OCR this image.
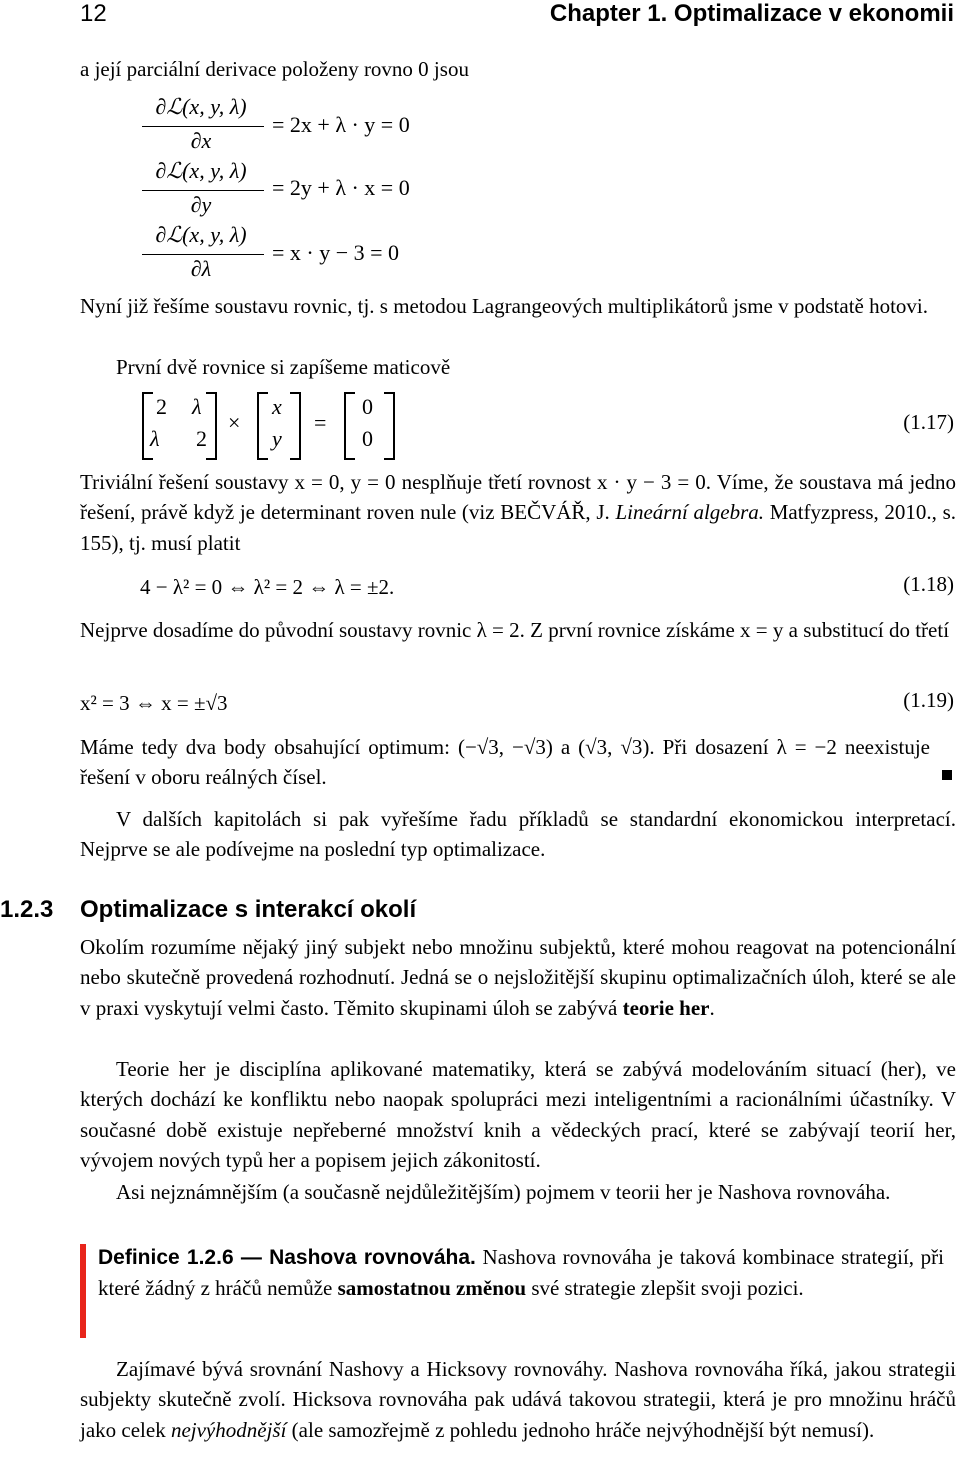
12	Chapter 1. Optimalizace v ekonomii
a její parciální derivace položeny rovno 0 jsou
∂ℒ(x, y, λ)
∂x
= 2x + λ · y = 0
∂ℒ(x, y, λ)
∂y
= 2y + λ · x = 0
∂ℒ(x, y, λ)
∂λ
= x · y − 3 = 0
Nyní již řešíme soustavu rovnic, tj. s metodou Lagrangeových multiplikátorů jsme v podstatě hotovi.
První dvě rovnice si zapíšeme maticově
2 λ
λ 2
×
x
y
=
0
0
(1.17)
Triviální řešení soustavy x = 0, y = 0 nesplňuje třetí rovnost x · y − 3 = 0. Víme, že soustava má jedno řešení, právě když je determinant roven nule (viz BEČVÁŘ, J. Lineární algebra. Matfyzpress, 2010., s. 155), tj. musí platit
4 − λ² = 0 ⇔ λ² = 2 ⇔ λ = ±2.	(1.18)
Nejprve dosadíme do původní soustavy rovnic λ = 2. Z první rovnice získáme x = y a substitucí do třetí
x² = 3 ⇔ x = ±√3	(1.19)
Máme tedy dva body obsahující optimum: (−√3, −√3) a (√3, √3). Při dosazení λ = −2 neexistuje řešení v oboru reálných čísel.
V dalších kapitolách si pak vyřešíme řadu příkladů se standardní ekonomickou interpretací. Nejprve se ale podívejme na poslední typ optimalizace.
1.2.3 Optimalizace s interakcí okolí
Okolím rozumíme nějaký jiný subjekt nebo množinu subjektů, které mohou reagovat na potencionální nebo skutečně provedená rozhodnutí. Jedná se o nejsložitější skupinu optimalizačních úloh, které se ale v praxi vyskytují velmi často. Těmito skupinami úloh se zabývá teorie her.
Teorie her je disciplína aplikované matematiky, která se zabývá modelováním situací (her), ve kterých dochází ke konfliktu nebo naopak spolupráci mezi inteligentními a racionálními účastníky. V současné době existuje nepřeberné množství knih a vědeckých prací, které se zabývají teorií her, vývojem nových typů her a popisem jejich zákonitostí.
Asi nejznámnějším (a současně nejdůležitějším) pojmem v teorii her je Nashova rovnováha.
Definice 1.2.6 — Nashova rovnováha. Nashova rovnováha je taková kombinace strategií, při které žádný z hráčů nemůže samostatnou změnou své strategie zlepšit svoji pozici.
Zajímavé bývá srovnání Nashovy a Hicksovy rovnováhy. Nashova rovnováha říká, jakou strategii subjekty skutečně zvolí. Hicksova rovnováha pak udává takovou strategii, která je pro množinu hráčů jako celek nejvýhodnější (ale samozřejmě z pohledu jednoho hráče nejvýhodnější být nemusí).
